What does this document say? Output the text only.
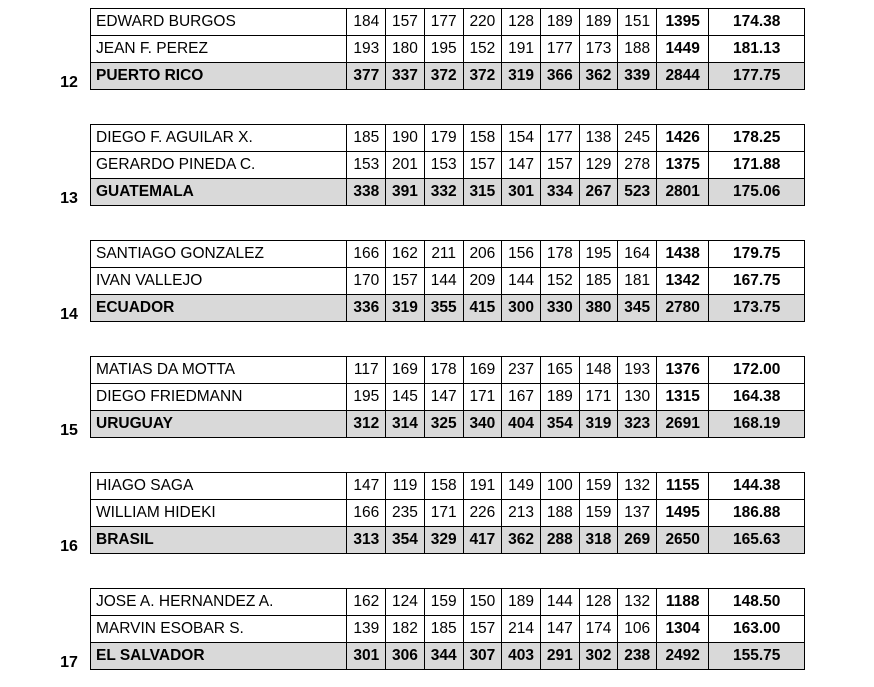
12
EDWARD BURGOS	184	157	177	220	128	189	189	151	1395	174.38
JEAN F. PEREZ	193	180	195	152	191	177	173	188	1449	181.13
PUERTO RICO	377	337	372	372	319	366	362	339	2844	177.75
13
DIEGO F. AGUILAR X.	185	190	179	158	154	177	138	245	1426	178.25
GERARDO PINEDA C.	153	201	153	157	147	157	129	278	1375	171.88
GUATEMALA	338	391	332	315	301	334	267	523	2801	175.06
14
SANTIAGO GONZALEZ	166	162	211	206	156	178	195	164	1438	179.75
IVAN VALLEJO	170	157	144	209	144	152	185	181	1342	167.75
ECUADOR	336	319	355	415	300	330	380	345	2780	173.75
15
MATIAS DA MOTTA	117	169	178	169	237	165	148	193	1376	172.00
DIEGO FRIEDMANN	195	145	147	171	167	189	171	130	1315	164.38
URUGUAY	312	314	325	340	404	354	319	323	2691	168.19
16
HIAGO SAGA	147	119	158	191	149	100	159	132	1155	144.38
WILLIAM HIDEKI	166	235	171	226	213	188	159	137	1495	186.88
BRASIL	313	354	329	417	362	288	318	269	2650	165.63
17
JOSE A. HERNANDEZ A.	162	124	159	150	189	144	128	132	1188	148.50
MARVIN ESOBAR S.	139	182	185	157	214	147	174	106	1304	163.00
EL SALVADOR	301	306	344	307	403	291	302	238	2492	155.75
